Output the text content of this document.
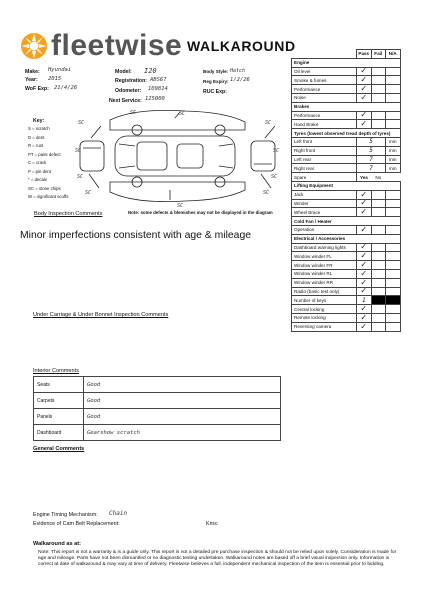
fleetwise WALKAROUND
Make: Hyundai
Year: 2015
WoF Exp: 21/4/26
Model: I20
Registration: ABS67
Odometer: 109814
Next Service: 125000
Body Style: Hatch
Reg Expiry: 1/2/26
RUC Exp:
Key:
S = scratch
D = dent
R = rust
PT = paint defect
C = crack
P = pin dent
* = decals
SC = stone chips
W = significant scuffs
SC
SC	SC
SC
SC	SC
SC	SC
SC
SC
SC
Body Inspection Comments	Note: some defects & blemishes may not be displayed in the diagram
Minor imperfections consistent with age & mileage
Under Carriage & Under Bonnet Inspection Comments
Interior Comments
Seats	Good
Carpets	Good
Panels	Good
Dashboard	Gearshow scratch
General Comments
Engine Timing Mechanism: Chain
Evidence of Cam Belt Replacement:	Kms:
Walkaround as at:
Note: This report is not a warranty & is a guide only. This report is not a detailed pre purchase inspection & should not be relied upon solely. Consideration is made for age and mileage. Parts have not been dismantled or no diagnostic testing undertaken. Walkaround notes are based off a brief visual inspection only. Information is correct at date of walkaround & may vary at time of delivery. Fleetwise believes a full, independent mechanical inspection of the item is essential prior to bidding.
	Pass	Fail	N/A
Engine			
Oil level	✓		
Smoke & fumes	✓		
Performance	✓		
Noise	✓		
Brakes			
Performance	✓		
Hand Brake	✓		
Tyres (lowest observed tread depth of tyres)			
Left front	5		mm
Right front	5		mm
Left rear	7		mm
Right rear	7		mm
Spare	Yes	No	
Lifting Equipment			
Jack	✓		
Winder	✓		
Wheel Brace	✓		
Cold Fan / Heater			
Operation	✓		
Electrical / Accessories			
Dashboard warning lights	✓		
Window winder FL	✓		
Window winder FR	✓		
Window winder RL	✓		
Window winder RR	✓		
Radio (basic test only)	✓		
Number of keys	1		
Central locking	✓		
Remote locking	✓		
Reversing camera	✓		
